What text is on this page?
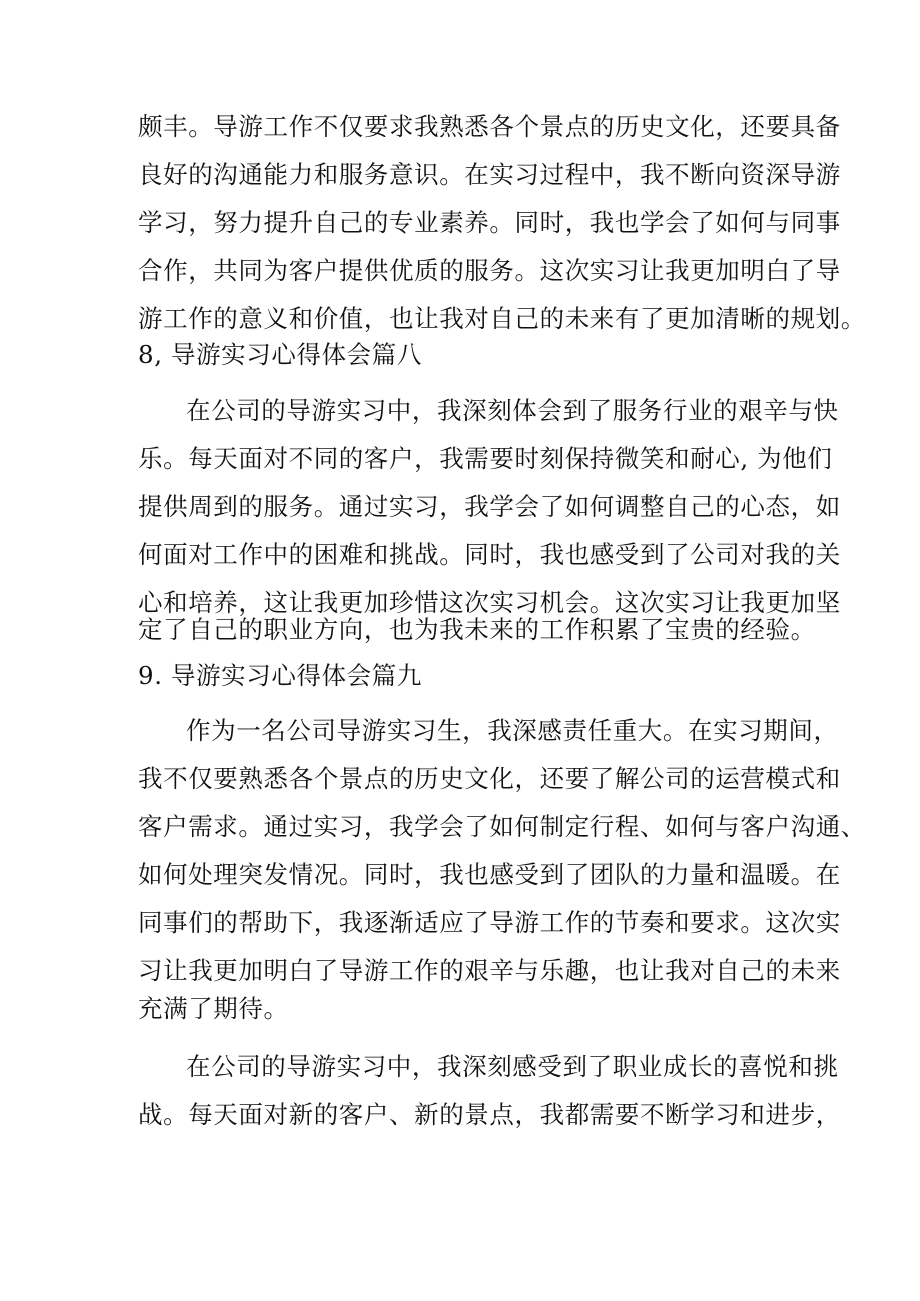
颇丰。导游工作不仅要求我熟悉各个景点的历史文化，还要具备
良好的沟通能力和服务意识。在实习过程中，我不断向资深导游
学习，努力提升自己的专业素养。同时，我也学会了如何与同事
合作，共同为客户提供优质的服务。这次实习让我更加明白了导
游工作的意义和价值，也让我对自己的未来有了更加清晰的规划。
8, 导游实习心得体会篇八
在公司的导游实习中，我深刻体会到了服务行业的艰辛与快
乐。每天面对不同的客户，我需要时刻保持微笑和耐心, 为他们
提供周到的服务。通过实习，我学会了如何调整自己的心态，如
何面对工作中的困难和挑战。同时，我也感受到了公司对我的关
心和培养，这让我更加珍惜这次实习机会。这次实习让我更加坚
定了自己的职业方向，也为我未来的工作积累了宝贵的经验。
9. 导游实习心得体会篇九
作为一名公司导游实习生，我深感责任重大。在实习期间，
我不仅要熟悉各个景点的历史文化，还要了解公司的运营模式和
客户需求。通过实习，我学会了如何制定行程、如何与客户沟通、
如何处理突发情况。同时，我也感受到了团队的力量和温暖。在
同事们的帮助下，我逐渐适应了导游工作的节奏和要求。这次实
习让我更加明白了导游工作的艰辛与乐趣，也让我对自己的未来
充满了期待。
在公司的导游实习中，我深刻感受到了职业成长的喜悦和挑
战。每天面对新的客户、新的景点，我都需要不断学习和进步，
